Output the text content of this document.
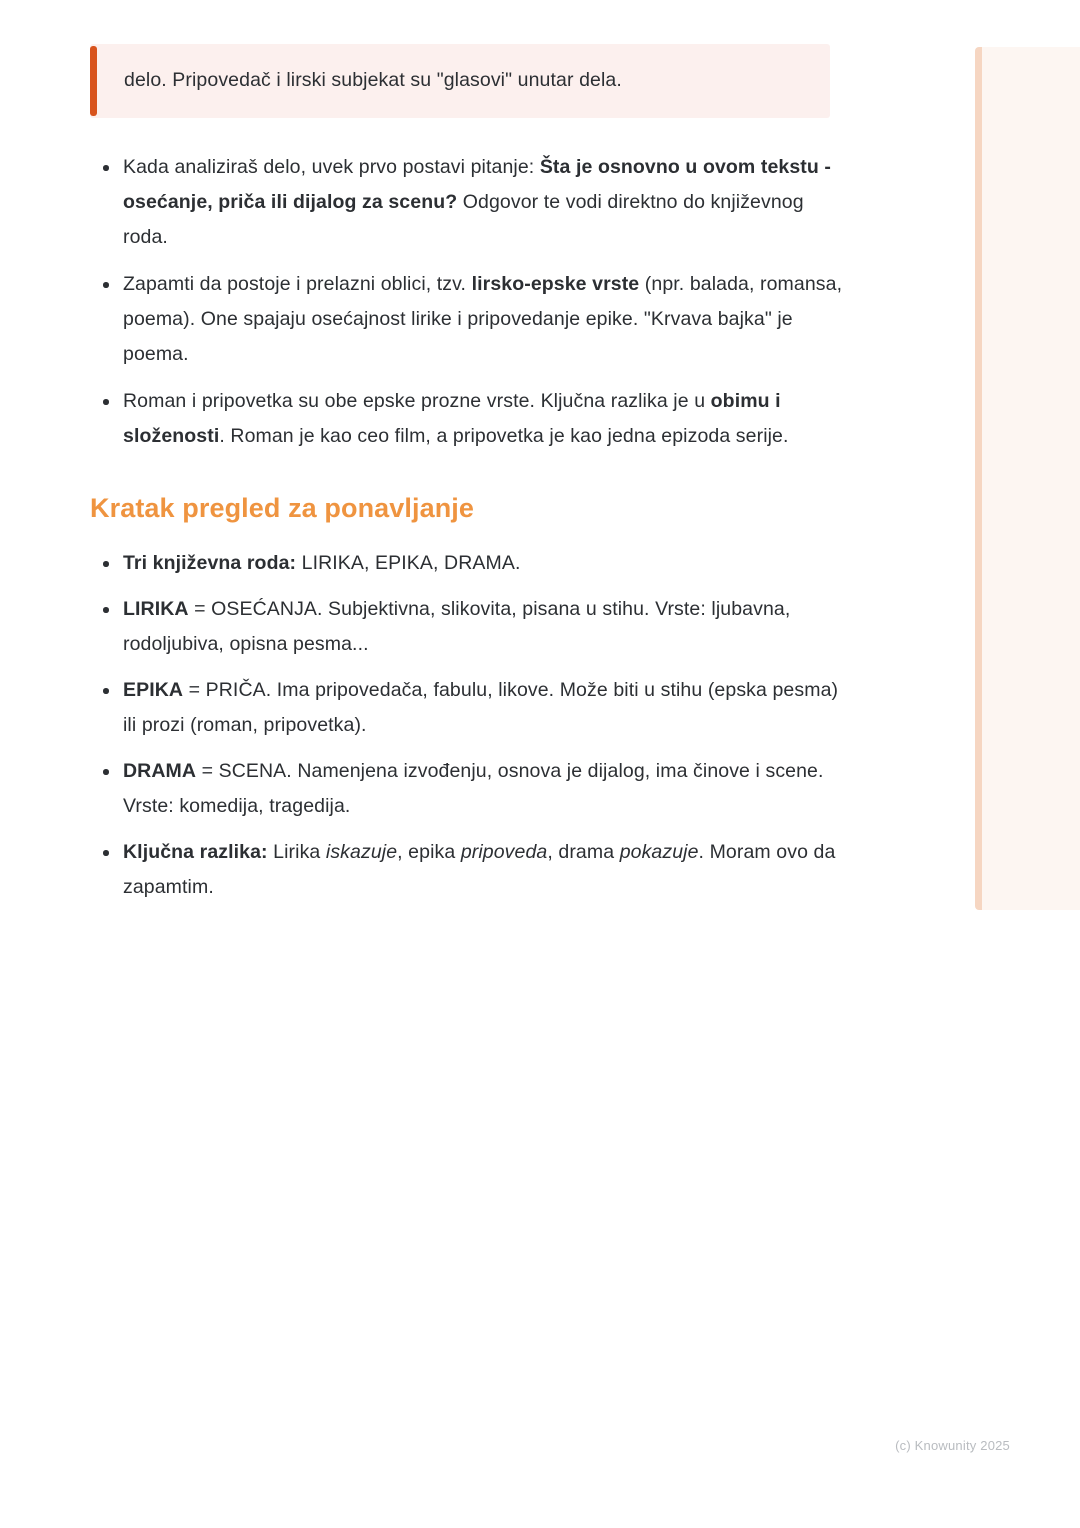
delo. Pripovedač i lirski subjekat su "glasovi" unutar dela.
Kada analiziraš delo, uvek prvo postavi pitanje: Šta je osnovno u ovom tekstu - osećanje, priča ili dijalog za scenu? Odgovor te vodi direktno do književnog roda.
Zapamti da postoje i prelazni oblici, tzv. lirsko-epske vrste (npr. balada, romansa, poema). One spajaju osećajnost lirike i pripovedanje epike. "Krvava bajka" je poema.
Roman i pripovetka su obe epske prozne vrste. Ključna razlika je u obimu i složenosti. Roman je kao ceo film, a pripovetka je kao jedna epizoda serije.
Kratak pregled za ponavljanje
Tri književna roda: LIRIKA, EPIKA, DRAMA.
LIRIKA = OSEĆANJA. Subjektivna, slikovita, pisana u stihu. Vrste: ljubavna, rodoljubiva, opisna pesma...
EPIKA = PRIČA. Ima pripovedača, fabulu, likove. Može biti u stihu (epska pesma) ili prozi (roman, pripovetka).
DRAMA = SCENA. Namenjena izvođenju, osnova je dijalog, ima činove i scene. Vrste: komedija, tragedija.
Ključna razlika: Lirika iskazuje, epika pripoveda, drama pokazuje. Moram ovo da zapamtim.
(c) Knowunity 2025
